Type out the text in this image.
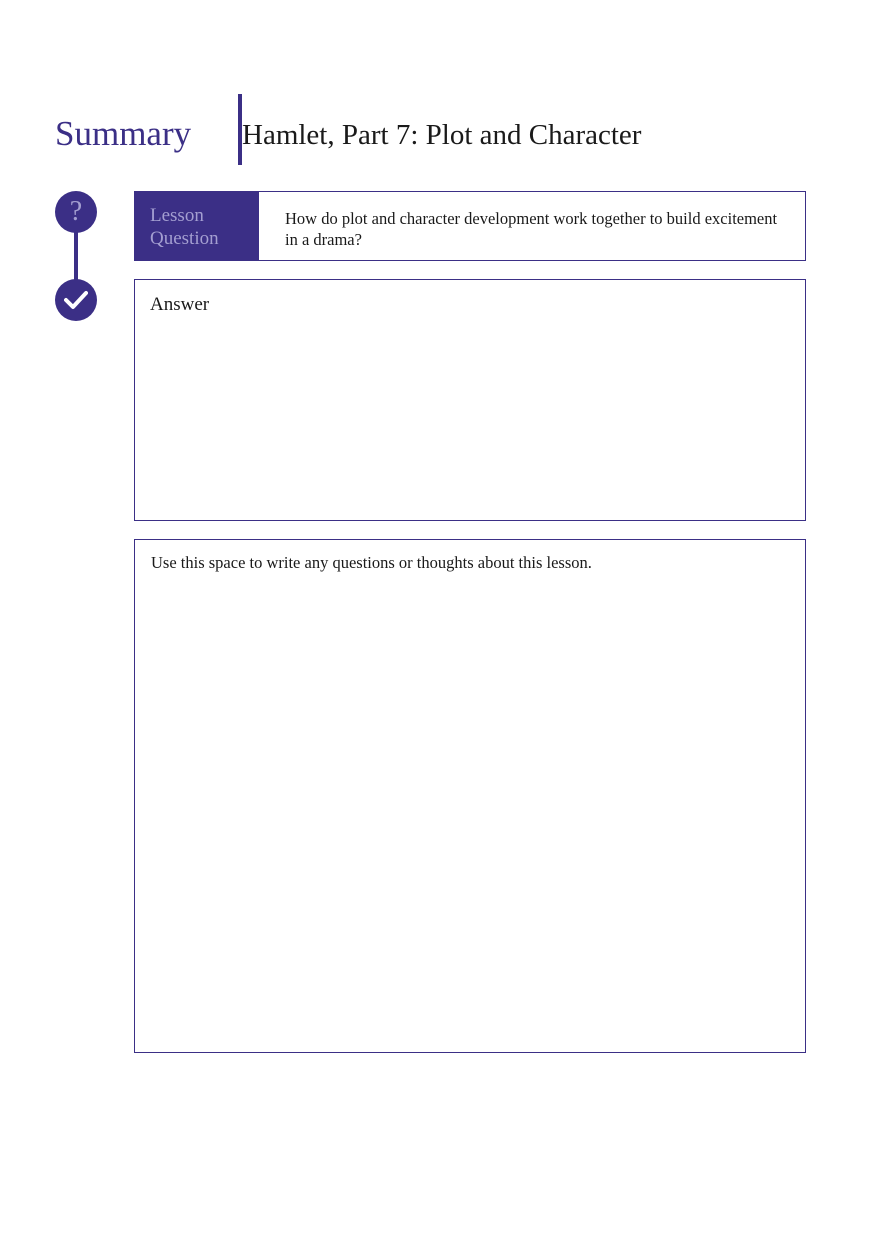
Summary Hamlet, Part 7: Plot and Character
?	Lesson
Question
How do plot and character development work together to build excitement in a drama?
Answer
Use this space to write any questions or thoughts about this lesson.
